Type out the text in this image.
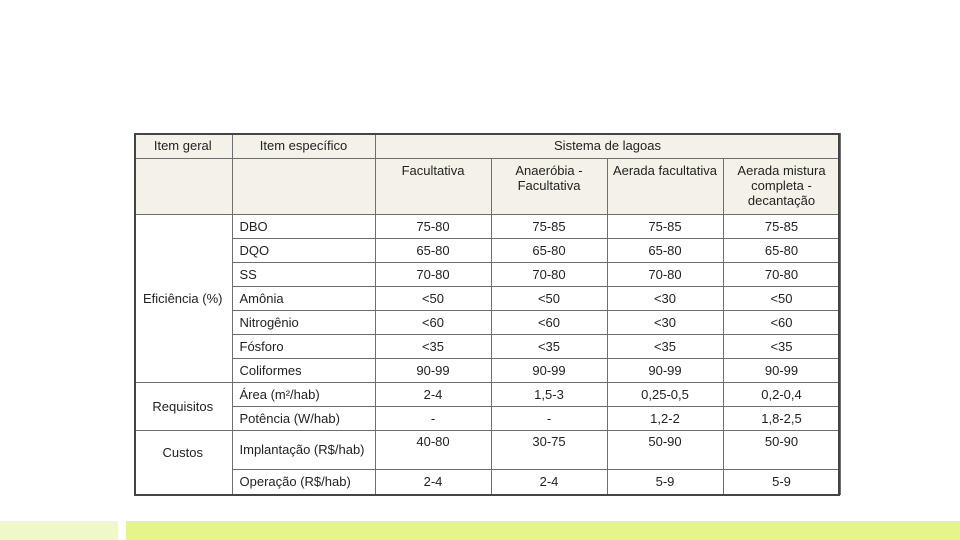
Item geral	Item específico	Sistema de lagoas			
		Facultativa	Anaeróbia - Facultativa	Aerada facultativa	Aerada mistura completa - decantação
Eficiência (%)	DBO	75-80	75-85	75-85	75-85
	DQO	65-80	65-80	65-80	65-80
	SS	70-80	70-80	70-80	70-80
	Amônia	<50	<50	<30	<50
	Nitrogênio	<60	<60	<30	<60
	Fósforo	<35	<35	<35	<35
	Coliformes	90-99	90-99	90-99	90-99
Requisitos	Área (m²/hab)	2-4	1,5-3	0,25-0,5	0,2-0,4
	Potência (W/hab)	-	-	1,2-2	1,8-2,5
Custos	Implantação (R$/hab)	40-80	30-75	50-90	50-90
	Operação (R$/hab)	2-4	2-4	5-9	5-9
